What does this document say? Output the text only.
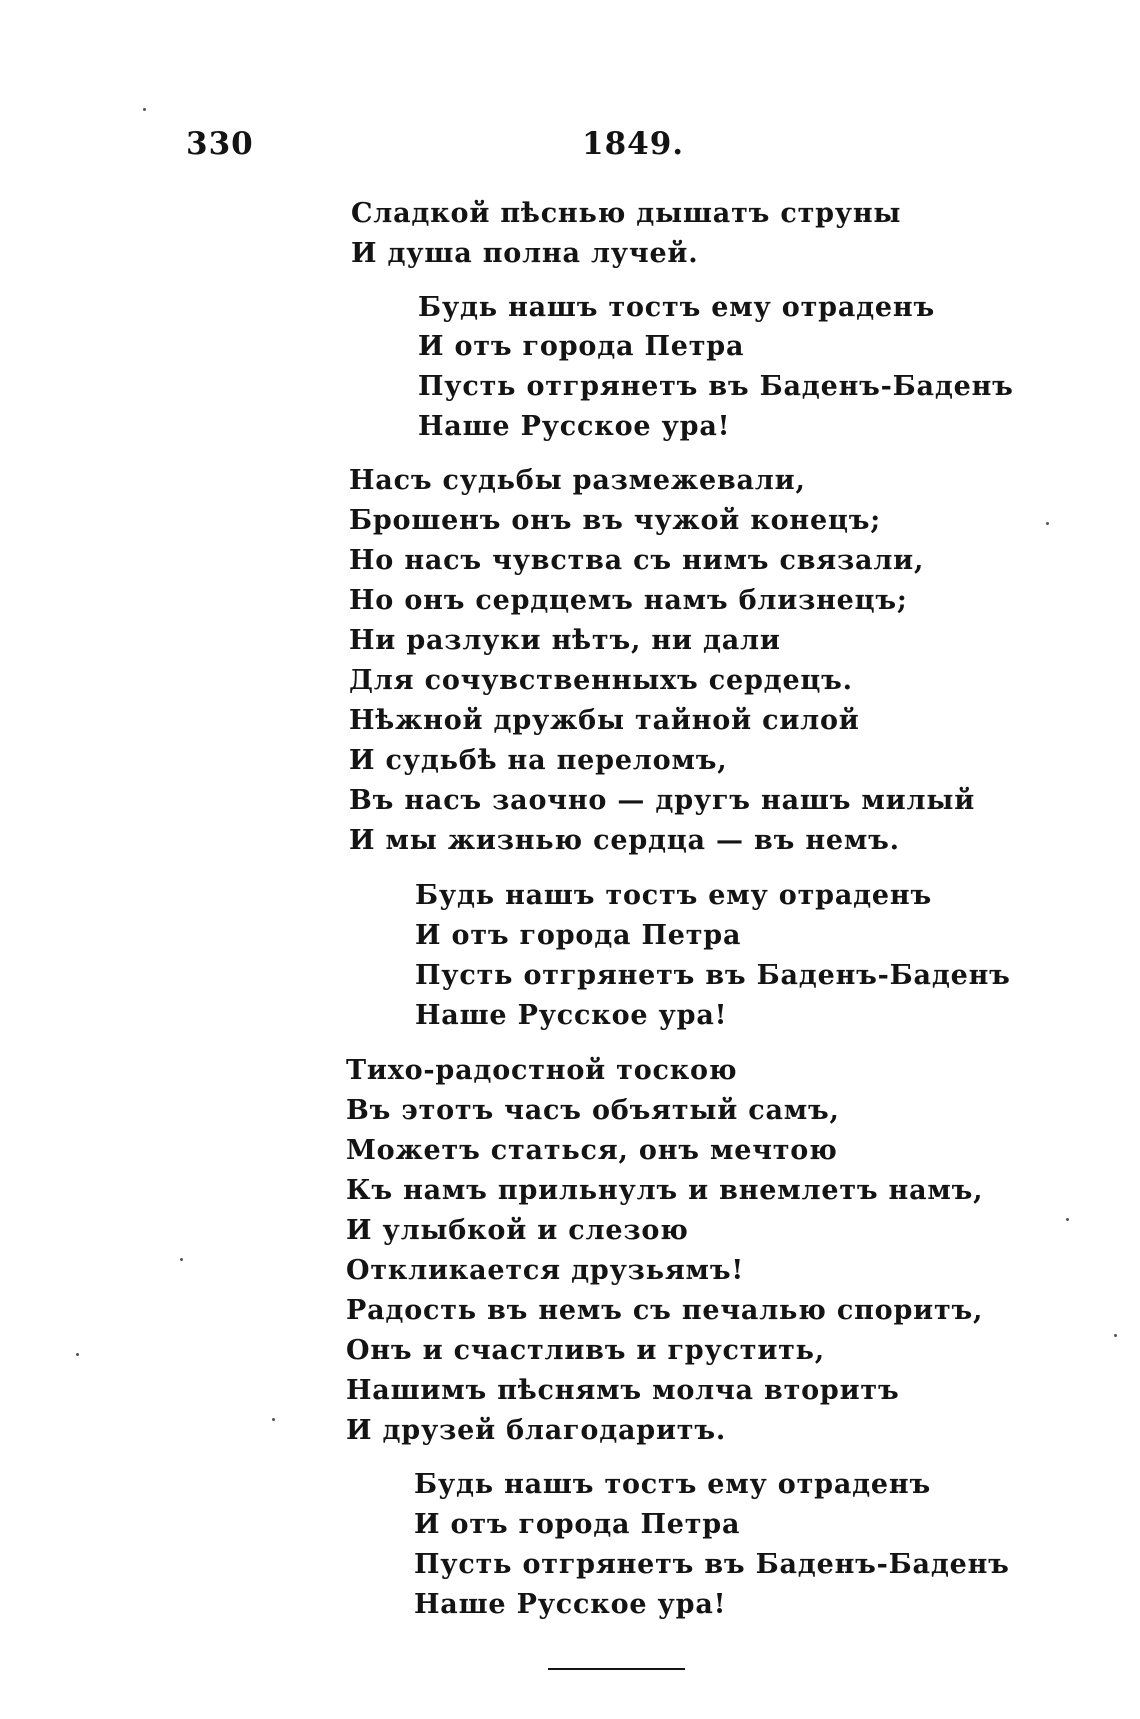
330	1849.
Сладкой пѣснью дышатъ струны
И душа полна лучей.
Будь нашъ тостъ ему отраденъ
И отъ города Петра
Пусть отгрянетъ въ Баденъ-Баденъ
Наше Русское ура!
Насъ судьбы размежевали,
Брошенъ онъ въ чужой конецъ;
Но насъ чувства съ нимъ связали,
Но онъ сердцемъ намъ близнецъ;
Ни разлуки нѣтъ, ни дали
Для сочувственныхъ сердецъ.
Нѣжной дружбы тайной силой
И судьбѣ на переломъ,
Въ насъ заочно — другъ нашъ милый
И мы жизнью сердца — въ немъ.
Будь нашъ тостъ ему отраденъ
И отъ города Петра
Пусть отгрянетъ въ Баденъ-Баденъ
Наше Русское ура!
Тихо-радостной тоскою
Въ этотъ часъ объятый самъ,
Можетъ статься, онъ мечтою
Къ намъ прильнулъ и внемлетъ намъ,
И улыбкой и слезою
Откликается друзьямъ!
Радость въ немъ съ печалью споритъ,
Онъ и счастливъ и грустить,
Нашимъ пѣснямъ молча вторитъ
И друзей благодаритъ.
Будь нашъ тостъ ему отраденъ
И отъ города Петра
Пусть отгрянетъ въ Баденъ-Баденъ
Наше Русское ура!
